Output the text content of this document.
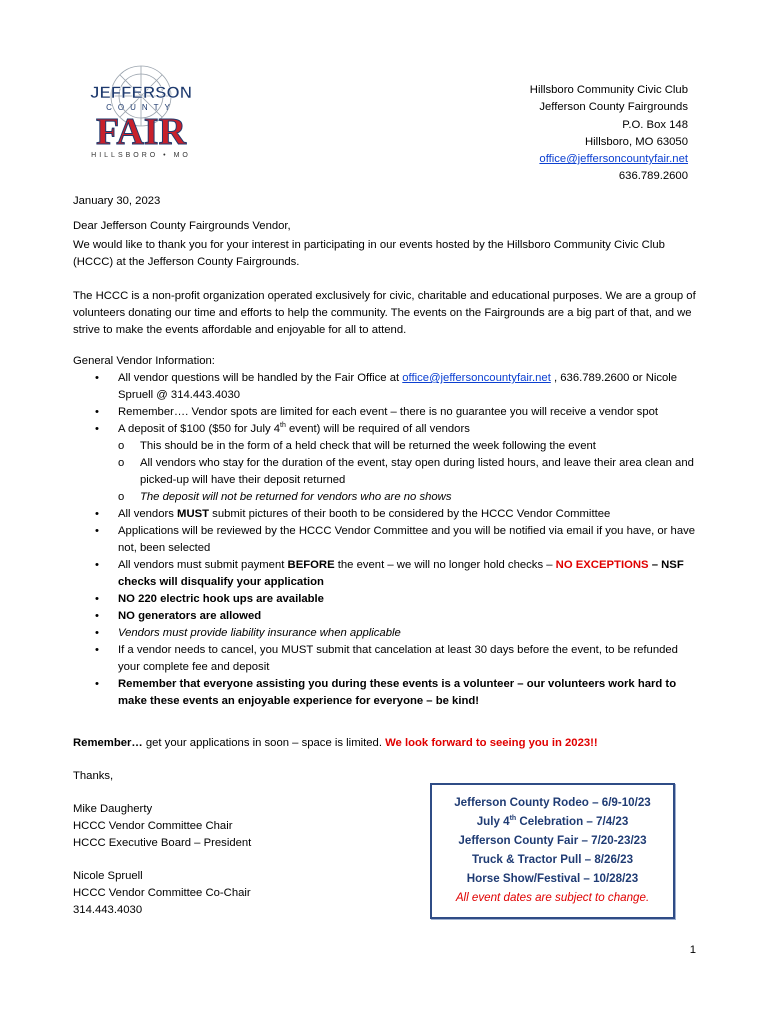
JEFFERSON
COUNTY
FAIR
HILLSBORO • MO
Hillsboro Community Civic Club
Jefferson County Fairgrounds
P.O. Box 148
Hillsboro, MO 63050
office@jeffersoncountyfair.net
636.789.2600
January 30, 2023
Dear Jefferson County Fairgrounds Vendor,
We would like to thank you for your interest in participating in our events hosted by the Hillsboro Community Civic Club (HCCC) at the Jefferson County Fairgrounds.
The HCCC is a non-profit organization operated exclusively for civic, charitable and educational purposes. We are a group of volunteers donating our time and efforts to help the community. The events on the Fairgrounds are a big part of that, and we strive to make the events affordable and enjoyable for all to attend.
General Vendor Information:
• All vendor questions will be handled by the Fair Office at office@jeffersoncountyfair.net , 636.789.2600 or Nicole Spruell @ 314.443.4030
• Remember…. Vendor spots are limited for each event – there is no guarantee you will receive a vendor spot
• A deposit of $100 ($50 for July 4th event) will be required of all vendors
o This should be in the form of a held check that will be returned the week following the event
o All vendors who stay for the duration of the event, stay open during listed hours, and leave their area clean and picked-up will have their deposit returned
o The deposit will not be returned for vendors who are no shows
• All vendors MUST submit pictures of their booth to be considered by the HCCC Vendor Committee
• Applications will be reviewed by the HCCC Vendor Committee and you will be notified via email if you have, or have not, been selected
• All vendors must submit payment BEFORE the event – we will no longer hold checks – NO EXCEPTIONS – NSF checks will disqualify your application
• NO 220 electric hook ups are available
• NO generators are allowed
• Vendors must provide liability insurance when applicable
• If a vendor needs to cancel, you MUST submit that cancelation at least 30 days before the event, to be refunded your complete fee and deposit
• Remember that everyone assisting you during these events is a volunteer – our volunteers work hard to make these events an enjoyable experience for everyone – be kind!
Remember… get your applications in soon – space is limited. We look forward to seeing you in 2023!!
Thanks,
Mike Daugherty
HCCC Vendor Committee Chair
HCCC Executive Board – President
Nicole Spruell
HCCC Vendor Committee Co-Chair
314.443.4030
Jefferson County Rodeo – 6/9-10/23
July 4th Celebration – 7/4/23
Jefferson County Fair – 7/20-23/23
Truck & Tractor Pull – 8/26/23
Horse Show/Festival – 10/28/23
All event dates are subject to change.
1
